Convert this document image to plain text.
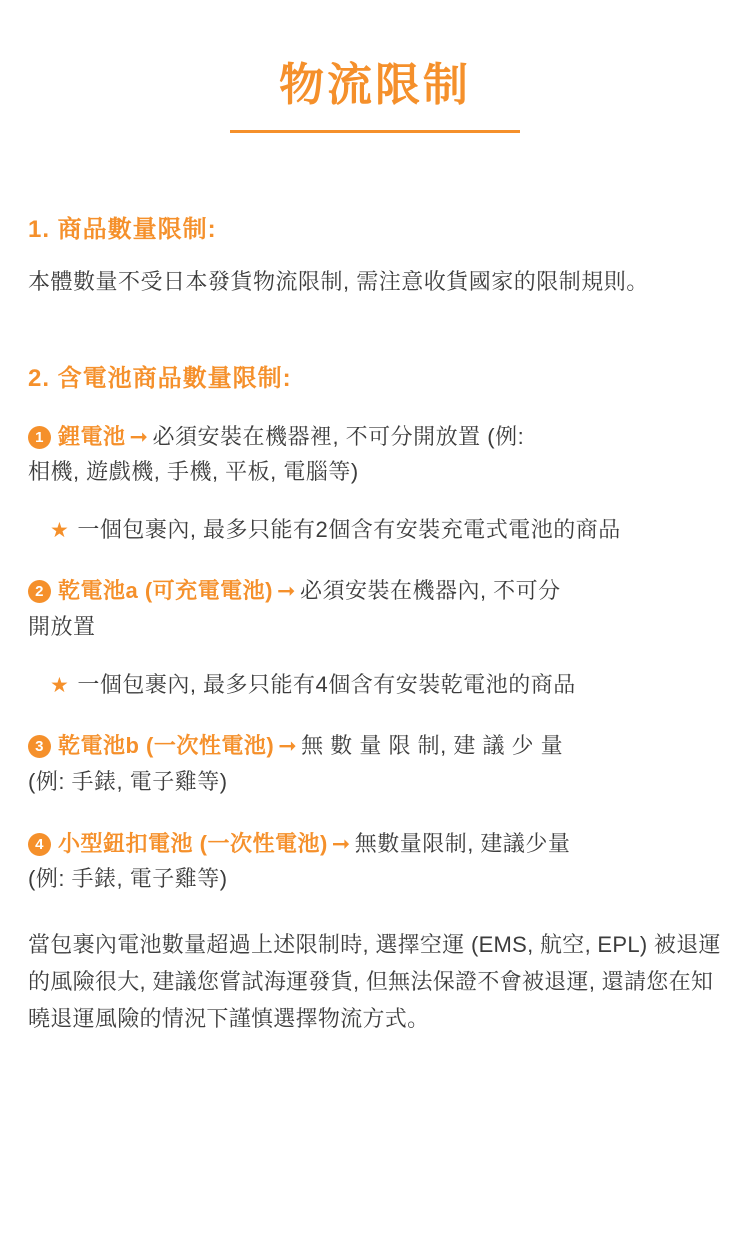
物流限制
1. 商品數量限制:
本體數量不受日本發貨物流限制, 需注意收貨國家的限制規則。
2. 含電池商品數量限制:
1 鋰電池 ➞ 必須安裝在機器裡, 不可分開放置 (例:
相機, 遊戲機, 手機, 平板, 電腦等)
★ 一個包裹內, 最多只能有2個含有安裝充電式電池的商品
2 乾電池a (可充電電池) ➞ 必須安裝在機器內, 不可分
開放置
★ 一個包裹內, 最多只能有4個含有安裝乾電池的商品
3 乾電池b (一次性電池) ➞ 無 數 量 限 制, 建 議 少 量
(例: 手錶, 電子雞等)
4 小型鈕扣電池 (一次性電池) ➞ 無數量限制, 建議少量
(例: 手錶, 電子雞等)
當包裹內電池數量超過上述限制時, 選擇空運 (EMS, 航空, EPL) 被退運的風險很大, 建議您嘗試海運發貨, 但無法保證不會被退運, 還請您在知曉退運風險的情況下謹慎選擇物流方式。
